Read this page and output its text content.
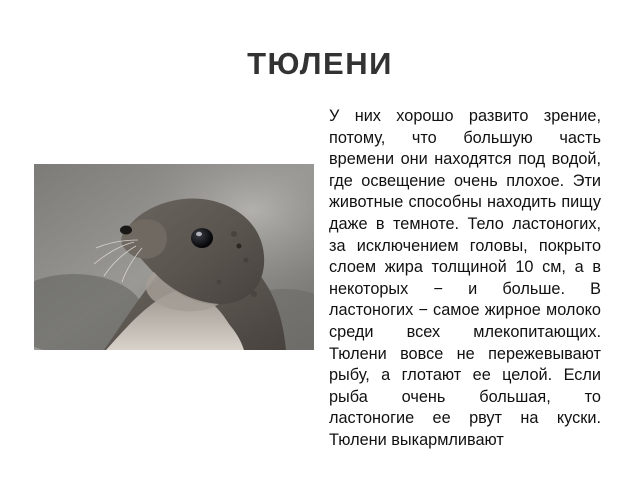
ТЮЛЕНИ

У них хорошо развито зрение, потому, что большую часть времени они находятся под водой, где освещение очень плохое. Эти животные способны находить пищу даже в темноте. Тело ластоногих, за исключением головы, покрыто слоем жира толщиной 10 см, а в некоторых − и больше. В ластоногих − самое жирное молоко среди всех млекопитающих. Тюлени вовсе не пережевывают рыбу, а глотают ее целой. Если рыба очень большая, то ластоногие ее рвут на куски. Тюлени выкармливают
